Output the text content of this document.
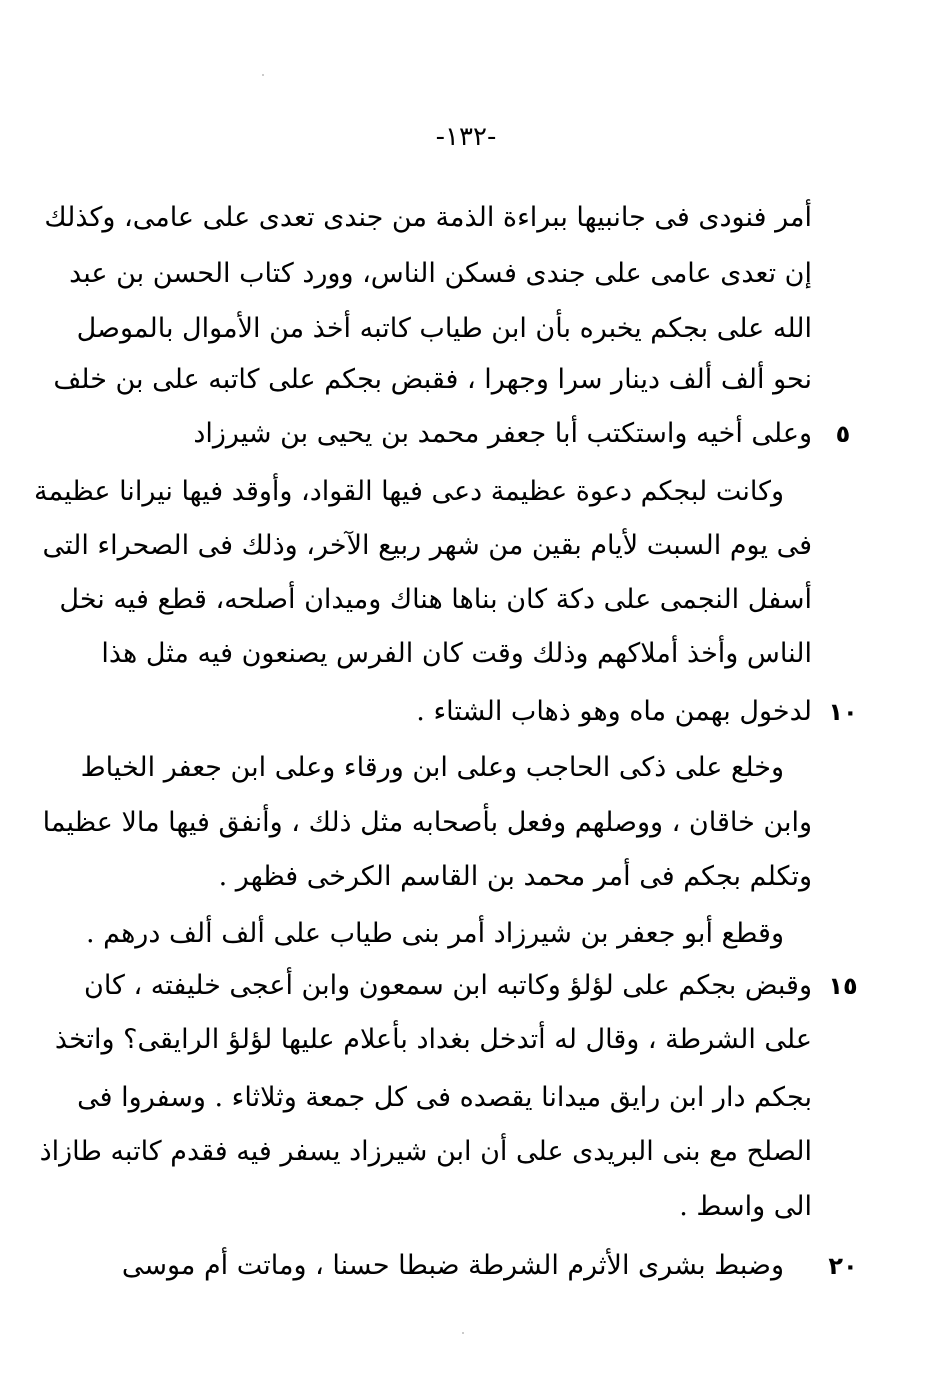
-١٣٢-
أمر فنودى فى جانبيها ببراءة الذمة من جندى تعدى على عامى، وكذلك
إن تعدى عامى على جندى فسكن الناس، وورد كتاب الحسن بن عبد
الله على بجكم يخبره بأن ابن طياب كاتبه أخذ من الأموال بالموصل
نحو ألف ألف دينار سرا وجهرا ، فقبض بجكم على كاتبه على بن خلف
وعلى أخيه واستكتب أبا جعفر محمد بن يحيى بن شيرزاد
وكانت لبجكم دعوة عظيمة دعى فيها القواد، وأوقد فيها نيرانا عظيمة
فى يوم السبت لأيام بقين من شهر ربيع الآخر، وذلك فى الصحراء التى
أسفل النجمى على دكة كان بناها هناك وميدان أصلحه، قطع فيه نخل
الناس وأخذ أملاكهم وذلك وقت كان الفرس يصنعون فيه مثل هذا
لدخول بهمن ماه وهو ذهاب الشتاء .
وخلع على ذكى الحاجب وعلى ابن ورقاء وعلى ابن جعفر الخياط
وابن خاقان ، ووصلهم وفعل بأصحابه مثل ذلك ، وأنفق فيها مالا عظيما
وتكلم بجكم فى أمر محمد بن القاسم الكرخى فظهر .
وقطع أبو جعفر بن شيرزاد أمر بنى طياب على ألف ألف درهم .
وقبض بجكم على لؤلؤ وكاتبه ابن سمعون وابن أعجى خليفته ، كان
على الشرطة ، وقال له أتدخل بغداد بأعلام عليها لؤلؤ الرايقى؟ واتخذ
بجكم دار ابن رايق ميدانا يقصده فى كل جمعة وثلاثاء . وسفروا فى
الصلح مع بنى البريدى على أن ابن شيرزاد يسفر فيه فقدم كاتبه طازاذ
الى واسط .
وضبط بشرى الأثرم الشرطة ضبطا حسنا ، وماتت أم موسى
٥
١٠
١٥
٢٠
